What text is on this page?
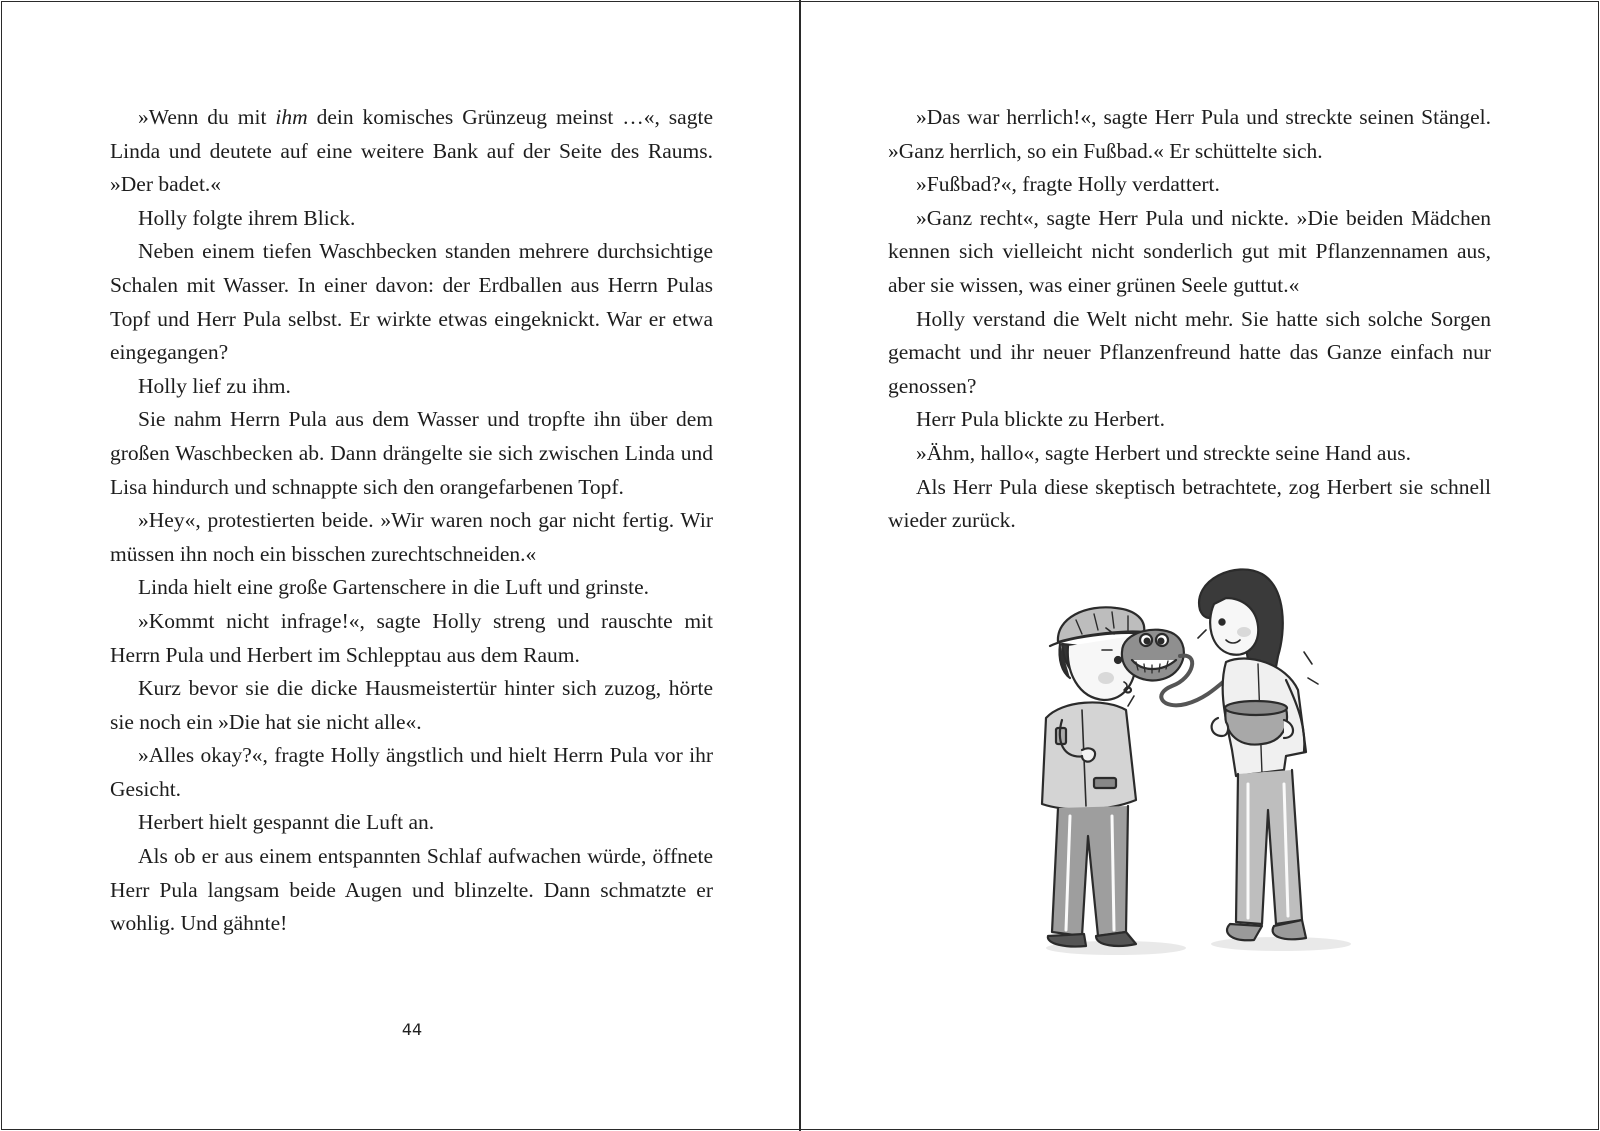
»Wenn du mit ihm dein komisches Grünzeug meinst …«, sagte Linda und deutete auf eine weitere Bank auf der Seite des Raums. »Der badet.«

Holly folgte ihrem Blick.

Neben einem tiefen Waschbecken standen mehrere durchsichtige Schalen mit Wasser. In einer davon: der Erdballen aus Herrn Pulas Topf und Herr Pula selbst. Er wirkte etwas eingeknickt. War er etwa eingegangen?

Holly lief zu ihm.

Sie nahm Herrn Pula aus dem Wasser und tropfte ihn über dem großen Waschbecken ab. Dann drängelte sie sich zwischen Linda und Lisa hindurch und schnappte sich den orangefarbenen Topf.

»Hey«, protestierten beide. »Wir waren noch gar nicht fertig. Wir müssen ihn noch ein bisschen zurechtschneiden.«

Linda hielt eine große Gartenschere in die Luft und grinste.

»Kommt nicht infrage!«, sagte Holly streng und rauschte mit Herrn Pula und Herbert im Schlepptau aus dem Raum.

Kurz bevor sie die dicke Hausmeistertür hinter sich zuzog, hörte sie noch ein »Die hat sie nicht alle«.

»Alles okay?«, fragte Holly ängstlich und hielt Herrn Pula vor ihr Gesicht.

Herbert hielt gespannt die Luft an.

Als ob er aus einem entspannten Schlaf aufwachen würde, öffnete Herr Pula langsam beide Augen und blinzelte. Dann schmatzte er wohlig. Und gähnte!

44

»Das war herrlich!«, sagte Herr Pula und streckte seinen Stängel. »Ganz herrlich, so ein Fußbad.« Er schüttelte sich.

»Fußbad?«, fragte Holly verdattert.

»Ganz recht«, sagte Herr Pula und nickte. »Die beiden Mädchen kennen sich vielleicht nicht sonderlich gut mit Pflanzennamen aus, aber sie wissen, was einer grünen Seele guttut.«

Holly verstand die Welt nicht mehr. Sie hatte sich solche Sorgen gemacht und ihr neuer Pflanzenfreund hatte das Ganze einfach nur genossen?

Herr Pula blickte zu Herbert.

»Ähm, hallo«, sagte Herbert und streckte seine Hand aus.

Als Herr Pula diese skeptisch betrachtete, zog Herbert sie schnell wieder zurück.
